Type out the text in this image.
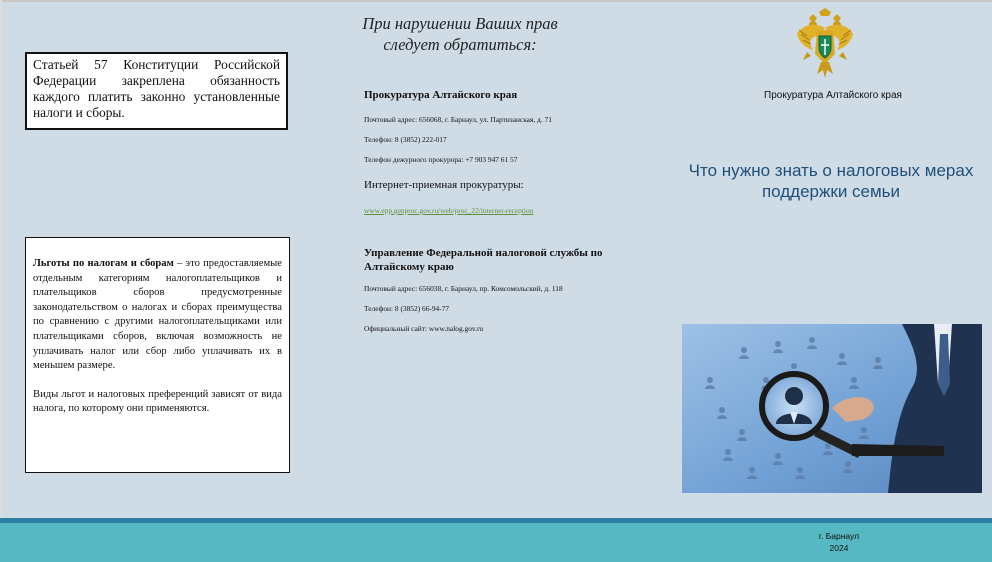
Статьей 57 Конституции Российской Федерации закреплена обязанность каждого платить законно установленные налоги и сборы.

Льготы по налогам и сборам – это предоставляемые отдельным категориям налогоплательщиков и плательщиков сборов предусмотренные законодательством о налогах и сборах преимущества по сравнению с другими налогоплательщиками или плательщиками сборов, включая возможность не уплачивать налог или сбор либо уплачивать их в меньшем размере.

Виды льгот и налоговых преференций зависят от вида налога, по которому они применяются.

При нарушении Ваших прав
следует обратиться:
Прокуратура Алтайского края
Почтовый адрес: 656068, г. Барнаул, ул. Партизанская, д. 71
Телефон: 8 (3852) 222-017
Телефон дежурного прокурора: +7 903 947 61 57
Интернет-приемная прокуратуры:
www.epp.genproc.gov.ru/web/proc_22/internet-reception
Управление Федеральной налоговой службы по Алтайскому краю
Почтовый адрес: 656038, г. Барнаул, пр. Комсомольский, д. 118
Телефон: 8 (3852) 66-94-77
Официальный сайт: www.nalog.gov.ru
Прокуратура Алтайского края
Что нужно знать о налоговых мерах поддержки семьи
г. Барнаул
2024
